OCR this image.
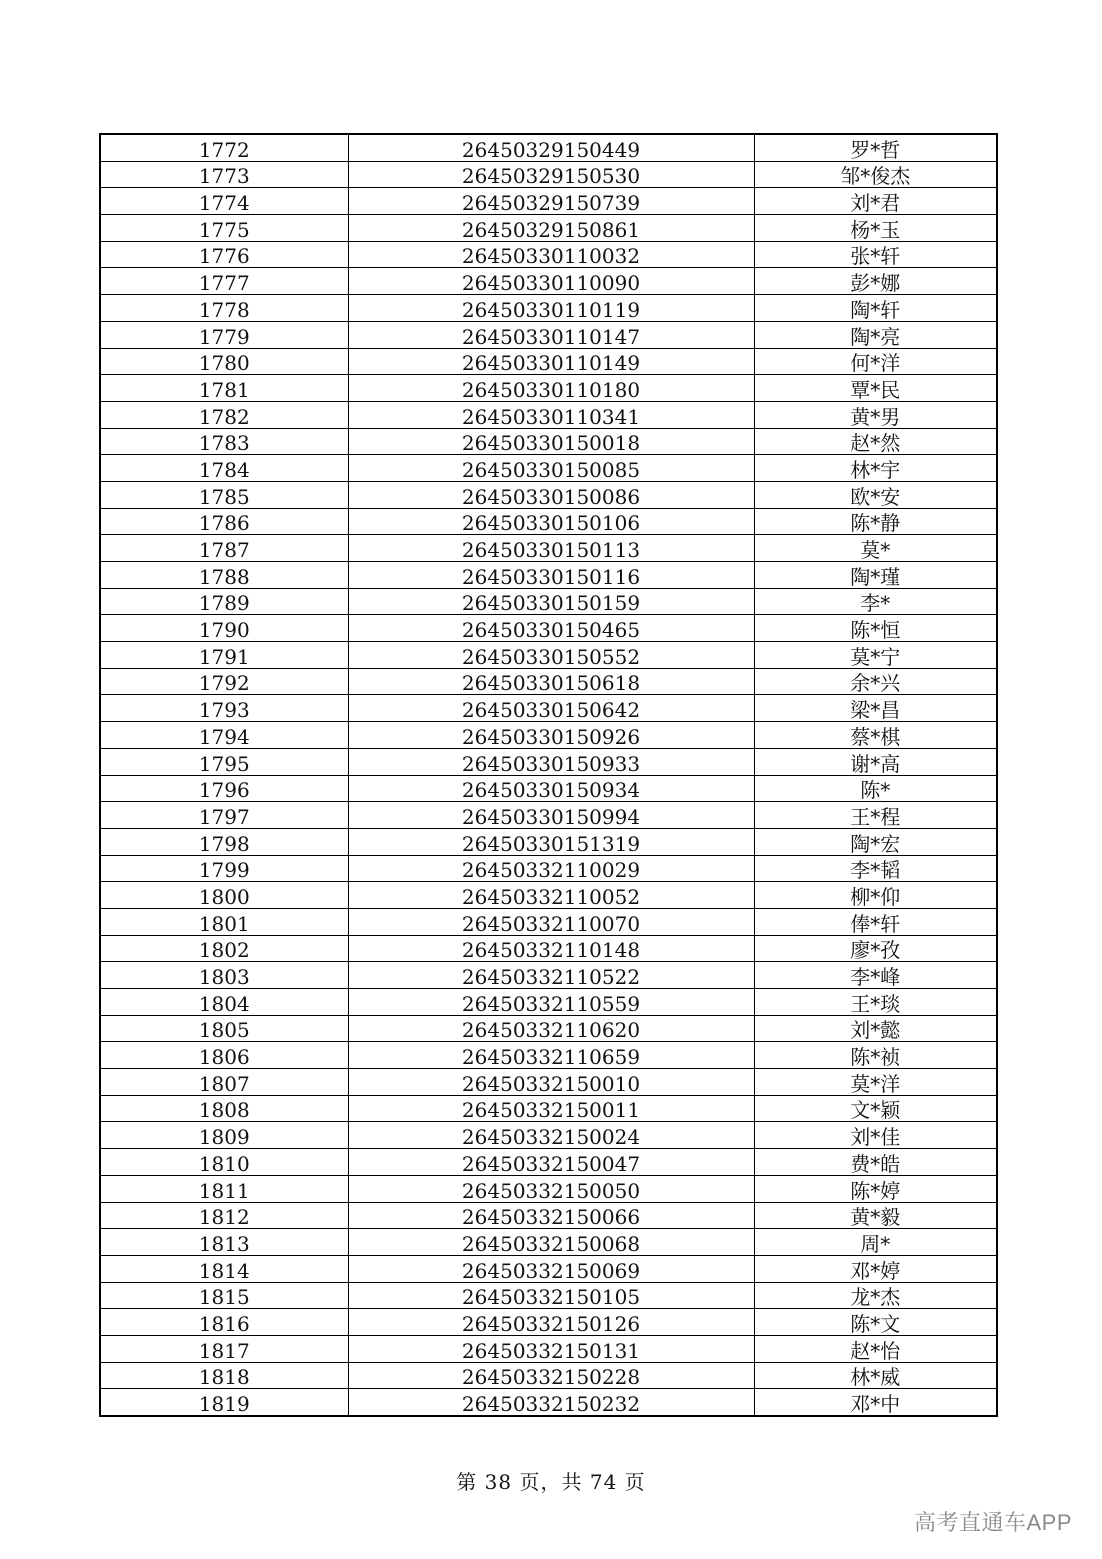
1772	26450329150449	罗*哲
1773	26450329150530	邹*俊杰
1774	26450329150739	刘*君
1775	26450329150861	杨*玉
1776	26450330110032	张*轩
1777	26450330110090	彭*娜
1778	26450330110119	陶*轩
1779	26450330110147	陶*亮
1780	26450330110149	何*洋
1781	26450330110180	覃*民
1782	26450330110341	黄*男
1783	26450330150018	赵*然
1784	26450330150085	林*宇
1785	26450330150086	欧*安
1786	26450330150106	陈*静
1787	26450330150113	莫*
1788	26450330150116	陶*瑾
1789	26450330150159	李*
1790	26450330150465	陈*恒
1791	26450330150552	莫*宁
1792	26450330150618	余*兴
1793	26450330150642	梁*昌
1794	26450330150926	蔡*棋
1795	26450330150933	谢*高
1796	26450330150934	陈*
1797	26450330150994	王*程
1798	26450330151319	陶*宏
1799	26450332110029	李*韬
1800	26450332110052	柳*仰
1801	26450332110070	俸*轩
1802	26450332110148	廖*孜
1803	26450332110522	李*峰
1804	26450332110559	王*琰
1805	26450332110620	刘*懿
1806	26450332110659	陈*祯
1807	26450332150010	莫*洋
1808	26450332150011	文*颖
1809	26450332150024	刘*佳
1810	26450332150047	费*皓
1811	26450332150050	陈*婷
1812	26450332150066	黄*毅
1813	26450332150068	周*
1814	26450332150069	邓*婷
1815	26450332150105	龙*杰
1816	26450332150126	陈*文
1817	26450332150131	赵*怡
1818	26450332150228	林*威
1819	26450332150232	邓*中
第 38 页，共 74 页
高考直通车APP
